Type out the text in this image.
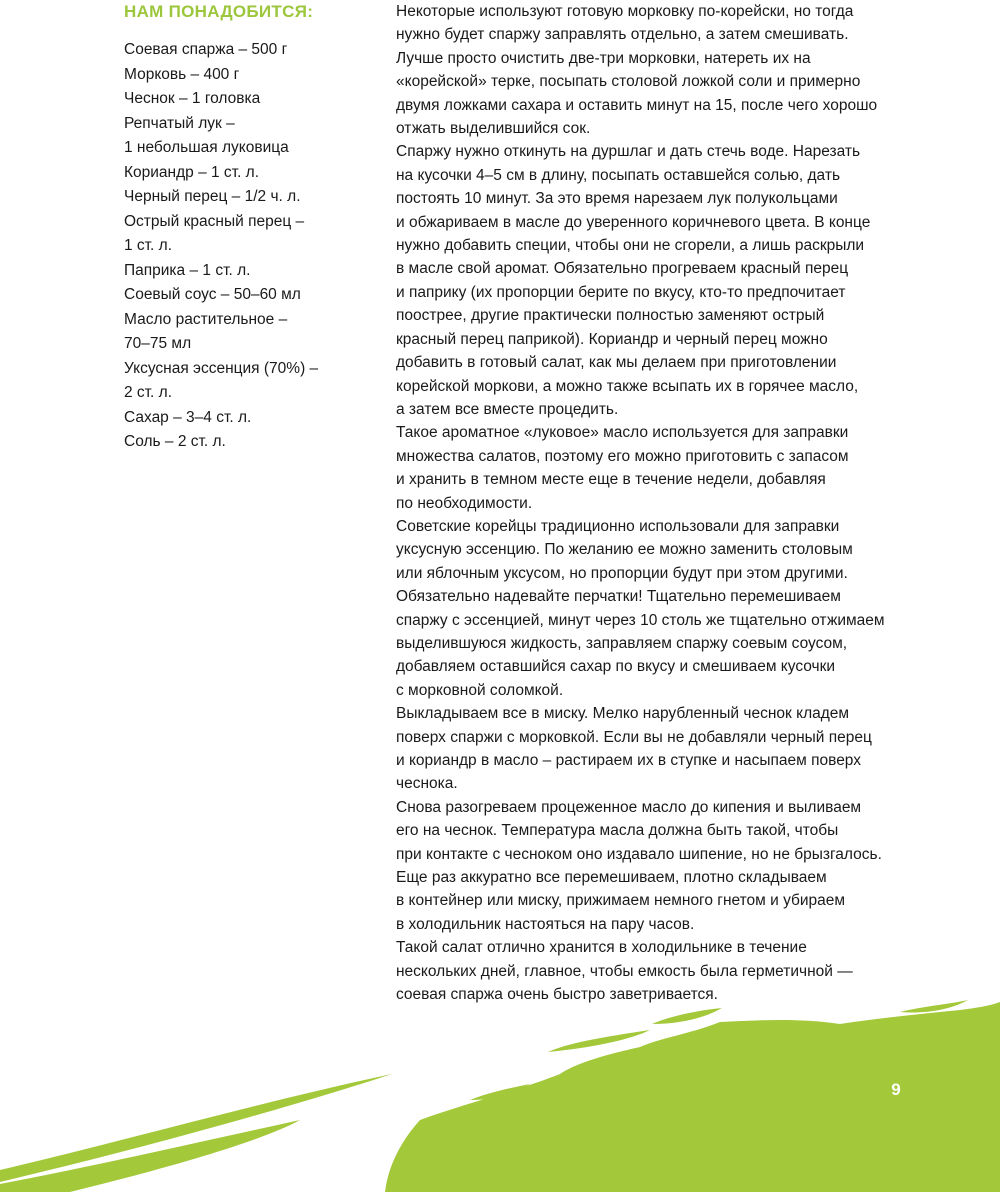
НАМ ПОНАДОБИТСЯ:
Соевая спаржа – 500 г
Морковь – 400 г
Чеснок – 1 головка
Репчатый лук –
1 небольшая луковица
Кориандр – 1 ст. л.
Черный перец – 1/2 ч. л.
Острый красный перец –
1 ст. л.
Паприка – 1 ст. л.
Соевый соус – 50–60 мл
Масло растительное –
70–75 мл
Уксусная эссенция (70%) –
2 ст. л.
Сахар – 3–4 ст. л.
Соль – 2 ст. л.

Некоторые используют готовую морковку по-корейски, но тогда
нужно будет спаржу заправлять отдельно, а затем смешивать.
Лучше просто очистить две-три морковки, натереть их на
«корейской» терке, посыпать столовой ложкой соли и примерно
двумя ложками сахара и оставить минут на 15, после чего хорошо
отжать выделившийся сок.

Спаржу нужно откинуть на дуршлаг и дать стечь воде. Нарезать
на кусочки 4–5 см в длину, посыпать оставшейся солью, дать
постоять 10 минут. За это время нарезаем лук полукольцами
и обжариваем в масле до уверенного коричневого цвета. В конце
нужно добавить специи, чтобы они не сгорели, а лишь раскрыли
в масле свой аромат. Обязательно прогреваем красный перец
и паприку (их пропорции берите по вкусу, кто-то предпочитает
поострее, другие практически полностью заменяют острый
красный перец паприкой). Кориандр и черный перец можно
добавить в готовый салат, как мы делаем при приготовлении
корейской моркови, а можно также всыпать их в горячее масло,
а затем все вместе процедить.

Такое ароматное «луковое» масло используется для заправки
множества салатов, поэтому его можно приготовить с запасом
и хранить в темном месте еще в течение недели, добавляя
по необходимости.

Советские корейцы традиционно использовали для заправки
уксусную эссенцию. По желанию ее можно заменить столовым
или яблочным уксусом, но пропорции будут при этом другими.
Обязательно надевайте перчатки! Тщательно перемешиваем
спаржу с эссенцией, минут через 10 столь же тщательно отжимаем
выделившуюся жидкость, заправляем спаржу соевым соусом,
добавляем оставшийся сахар по вкусу и смешиваем кусочки
с морковной соломкой.

Выкладываем все в миску. Мелко нарубленный чеснок кладем
поверх спаржи с морковкой. Если вы не добавляли черный перец
и кориандр в масло – растираем их в ступке и насыпаем поверх
чеснока.

Снова разогреваем процеженное масло до кипения и выливаем
его на чеснок. Температура масла должна быть такой, чтобы
при контакте с чесноком оно издавало шипение, но не брызгалось.
Еще раз аккуратно все перемешиваем, плотно складываем
в контейнер или миску, прижимаем немного гнетом и убираем
в холодильник настояться на пару часов.

Такой салат отлично хранится в холодильнике в течение
нескольких дней, главное, чтобы емкость была герметичной —
соевая спаржа очень быстро заветривается.

9
